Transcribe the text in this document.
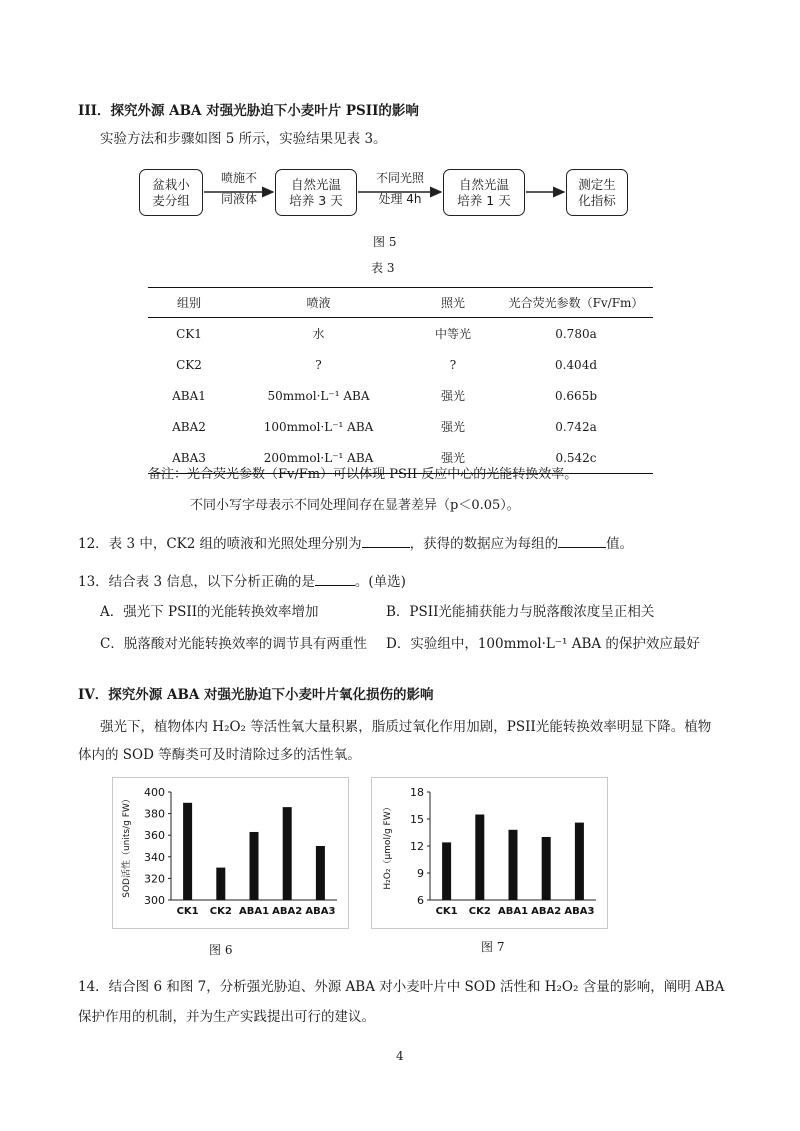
III．探究外源 ABA 对强光胁迫下小麦叶片 PSII的影响
实验方法和步骤如图 5 所示，实验结果见表 3。
盆栽小
麦分组
自然光温
培养 3 天
自然光温
培养 1 天
测定生
化指标
喷施不
同液体
不同光照
处理 4h
图 5
表 3
组别	喷液	照光	光合荧光参数（Fv/Fm）
CK1	水	中等光	0.780a
CK2	?	?	0.404d
ABA1	50mmol·L⁻¹ ABA	强光	0.665b
ABA2	100mmol·L⁻¹ ABA	强光	0.742a
ABA3	200mmol·L⁻¹ ABA	强光	0.542c
备注：光合荧光参数（Fv/Fm）可以体现 PSII 反应中心的光能转换效率。
不同小写字母表示不同处理间存在显著差异（p＜0.05）。
12．表 3 中，CK2 组的喷液和光照处理分别为	，获得的数据应为每组的	值。
13．结合表 3 信息，以下分析正确的是	。(单选)
A．强光下 PSII的光能转换效率增加	B．PSII光能捕获能力与脱落酸浓度呈正相关
C．脱落酸对光能转换效率的调节具有两重性 D．实验组中，100mmol·L⁻¹ ABA 的保护效应最好
IV．探究外源 ABA 对强光胁迫下小麦叶片氧化损伤的影响
强光下，植物体内 H₂O₂ 等活性氧大量积累，脂质过氧化作用加剧，PSII光能转换效率明显下降。植物
体内的 SOD 等酶类可及时清除过多的活性氧。
300
320
340
360
380
400
SOD活性（units/g FW）
CK1 CK2 ABA1 ABA2 ABA3
图 6
6
9
12
15
18
H₂O₂（μmol/g FW）
CK1 CK2 ABA1 ABA2 ABA3
图 7
14．结合图 6 和图 7，分析强光胁迫、外源 ABA 对小麦叶片中 SOD 活性和 H₂O₂ 含量的影响，阐明 ABA
保护作用的机制，并为生产实践提出可行的建议。
4
